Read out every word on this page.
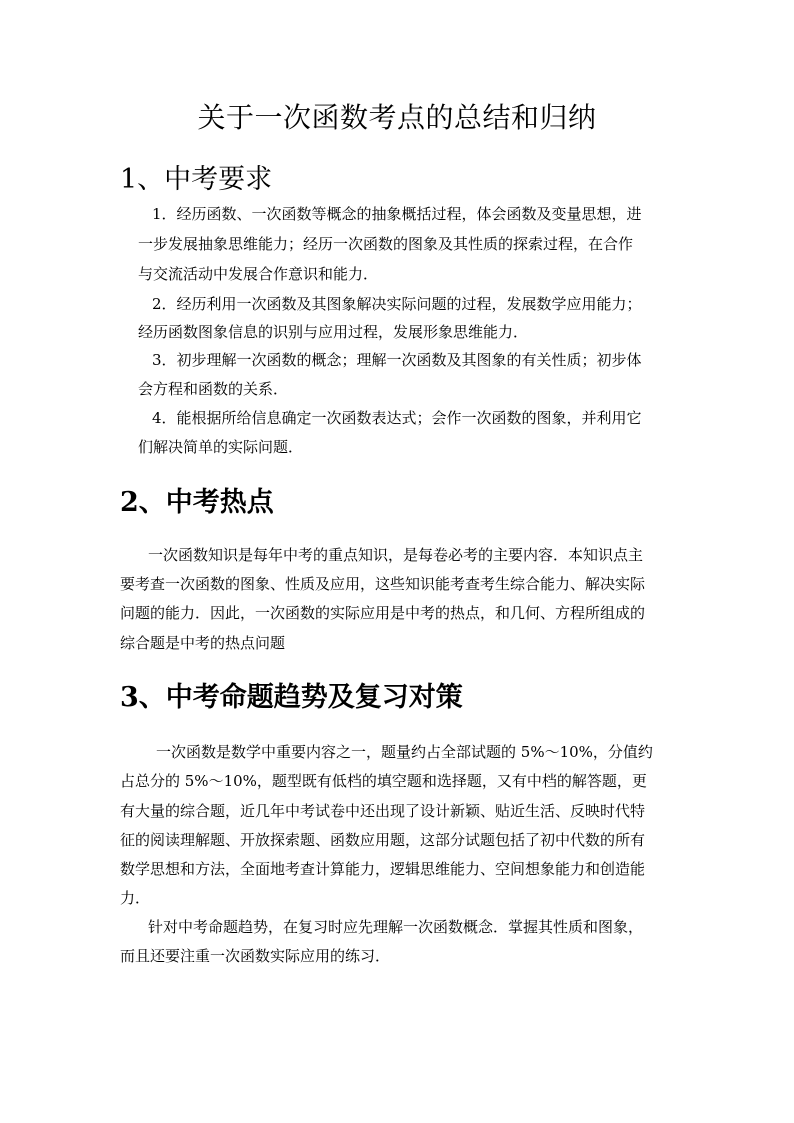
关于一次函数考点的总结和归纳
1、中考要求

1．经历函数、一次函数等概念的抽象概括过程，体会函数及变量思想，进

一步发展抽象思维能力；经历一次函数的图象及其性质的探索过程，在合作

与交流活动中发展合作意识和能力．

2．经历利用一次函数及其图象解决实际问题的过程，发展数学应用能力；

经历函数图象信息的识别与应用过程，发展形象思维能力．

3．初步理解一次函数的概念；理解一次函数及其图象的有关性质；初步体

会方程和函数的关系．

4．能根据所给信息确定一次函数表达式；会作一次函数的图象，并利用它

们解决简单的实际问题．

2、中考热点

一次函数知识是每年中考的重点知识，是每卷必考的主要内容．本知识点主

要考查一次函数的图象、性质及应用，这些知识能考查考生综合能力、解决实际

问题的能力．因此，一次函数的实际应用是中考的热点，和几何、方程所组成的

综合题是中考的热点问题

3、中考命题趋势及复习对策

一次函数是数学中重要内容之一，题量约占全部试题的 5%～10%，分值约

占总分的 5%～10%，题型既有低档的填空题和选择题，又有中档的解答题，更

有大量的综合题，近几年中考试卷中还出现了设计新颖、贴近生活、反映时代特

征的阅读理解题、开放探索题、函数应用题，这部分试题包括了初中代数的所有

数学思想和方法，全面地考查计算能力，逻辑思维能力、空间想象能力和创造能

力．

针对中考命题趋势，在复习时应先理解一次函数概念．掌握其性质和图象，

而且还要注重一次函数实际应用的练习．
